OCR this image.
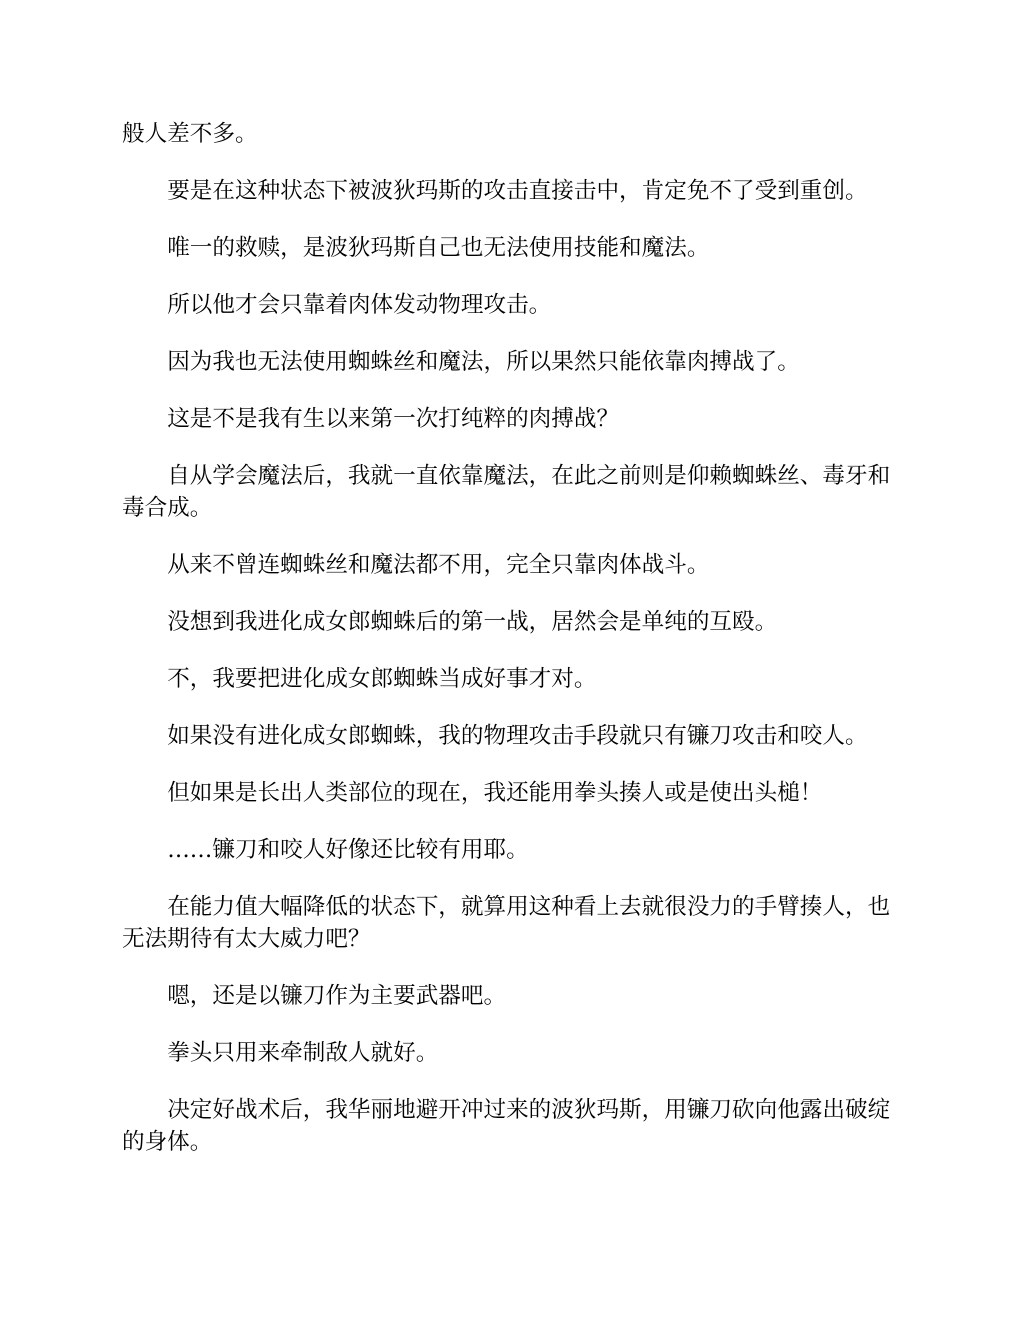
般人差不多。

要是在这种状态下被波狄玛斯的攻击直接击中，肯定免不了受到重创。

唯一的救赎，是波狄玛斯自己也无法使用技能和魔法。

所以他才会只靠着肉体发动物理攻击。

因为我也无法使用蜘蛛丝和魔法，所以果然只能依靠肉搏战了。

这是不是我有生以来第一次打纯粹的肉搏战？

自从学会魔法后，我就一直依靠魔法，在此之前则是仰赖蜘蛛丝、毒牙和毒合成。

从来不曾连蜘蛛丝和魔法都不用，完全只靠肉体战斗。

没想到我进化成女郎蜘蛛后的第一战，居然会是单纯的互殴。

不，我要把进化成女郎蜘蛛当成好事才对。

如果没有进化成女郎蜘蛛，我的物理攻击手段就只有镰刀攻击和咬人。

但如果是长出人类部位的现在，我还能用拳头揍人或是使出头槌！

……镰刀和咬人好像还比较有用耶。

在能力值大幅降低的状态下，就算用这种看上去就很没力的手臂揍人，也无法期待有太大威力吧？

嗯，还是以镰刀作为主要武器吧。

拳头只用来牵制敌人就好。

决定好战术后，我华丽地避开冲过来的波狄玛斯，用镰刀砍向他露出破绽的身体。
